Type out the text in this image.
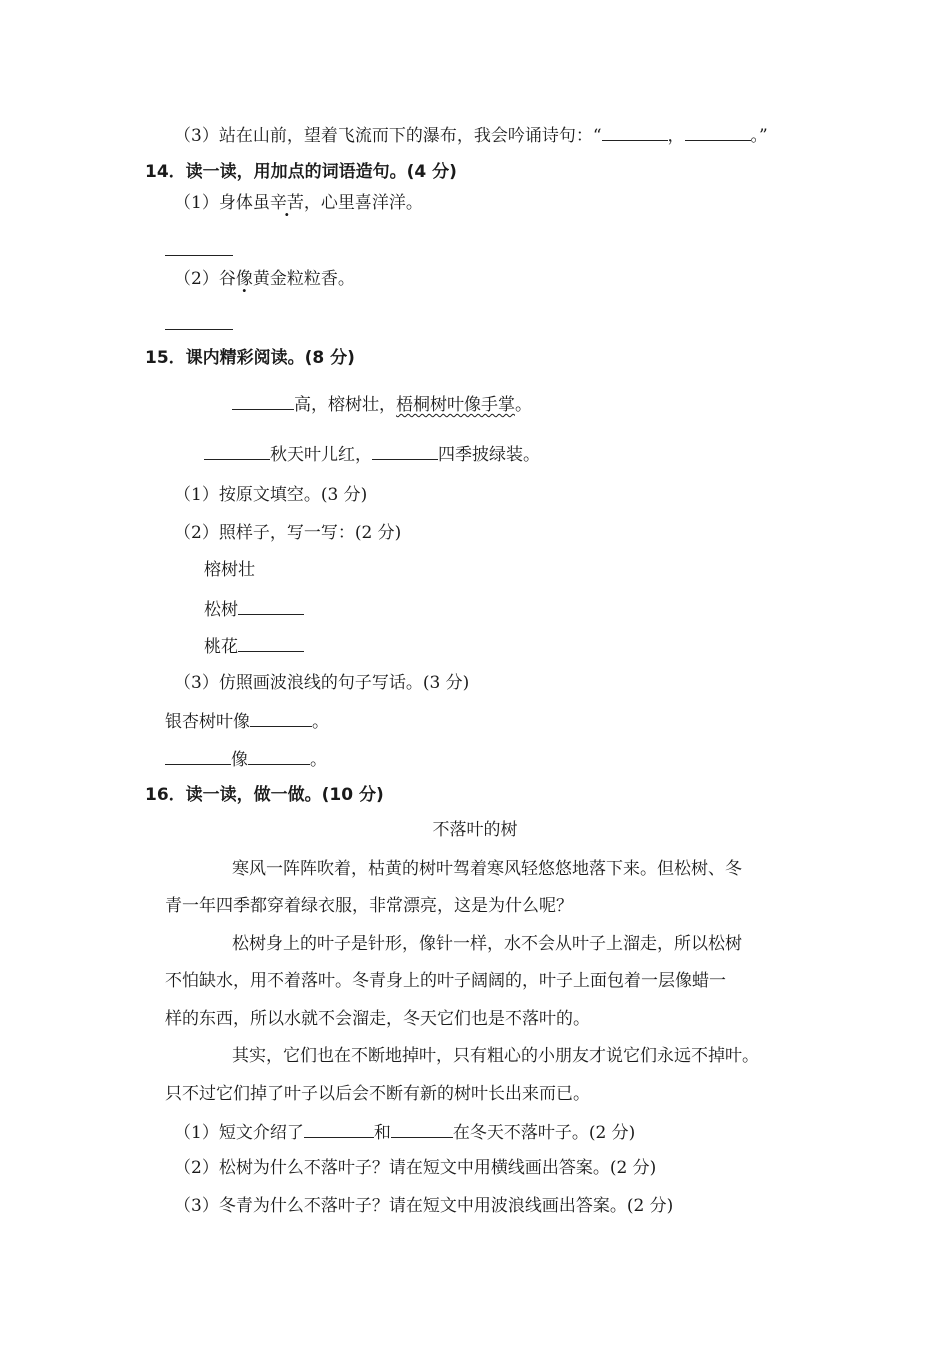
（3）站在山前，望着飞流而下的瀑布，我会吟诵诗句：“	，	。”
14．读一读，用加点的词语造句。(4 分)
（1）身体虽辛苦，心里喜洋洋。
（2）谷像黄金粒粒香。
15．课内精彩阅读。(8 分)
高，榕树壮，梧桐树叶像手掌。
秋天叶儿红，	四季披绿装。
（1）按原文填空。(3 分)
（2）照样子，写一写：(2 分)
榕树壮
松树
桃花
（3）仿照画波浪线的句子写话。(3 分)
银杏树叶像	。
像	。
16．读一读，做一做。(10 分)
不落叶的树
寒风一阵阵吹着，枯黄的树叶驾着寒风轻悠悠地落下来。但松树、冬
青一年四季都穿着绿衣服，非常漂亮，这是为什么呢？
松树身上的叶子是针形，像针一样，水不会从叶子上溜走，所以松树
不怕缺水，用不着落叶。冬青身上的叶子阔阔的，叶子上面包着一层像蜡一
样的东西，所以水就不会溜走，冬天它们也是不落叶的。
其实，它们也在不断地掉叶，只有粗心的小朋友才说它们永远不掉叶。
只不过它们掉了叶子以后会不断有新的树叶长出来而已。
（1）短文介绍了	和	在冬天不落叶子。(2 分)
（2）松树为什么不落叶子？请在短文中用横线画出答案。(2 分)
（3）冬青为什么不落叶子？请在短文中用波浪线画出答案。(2 分)
